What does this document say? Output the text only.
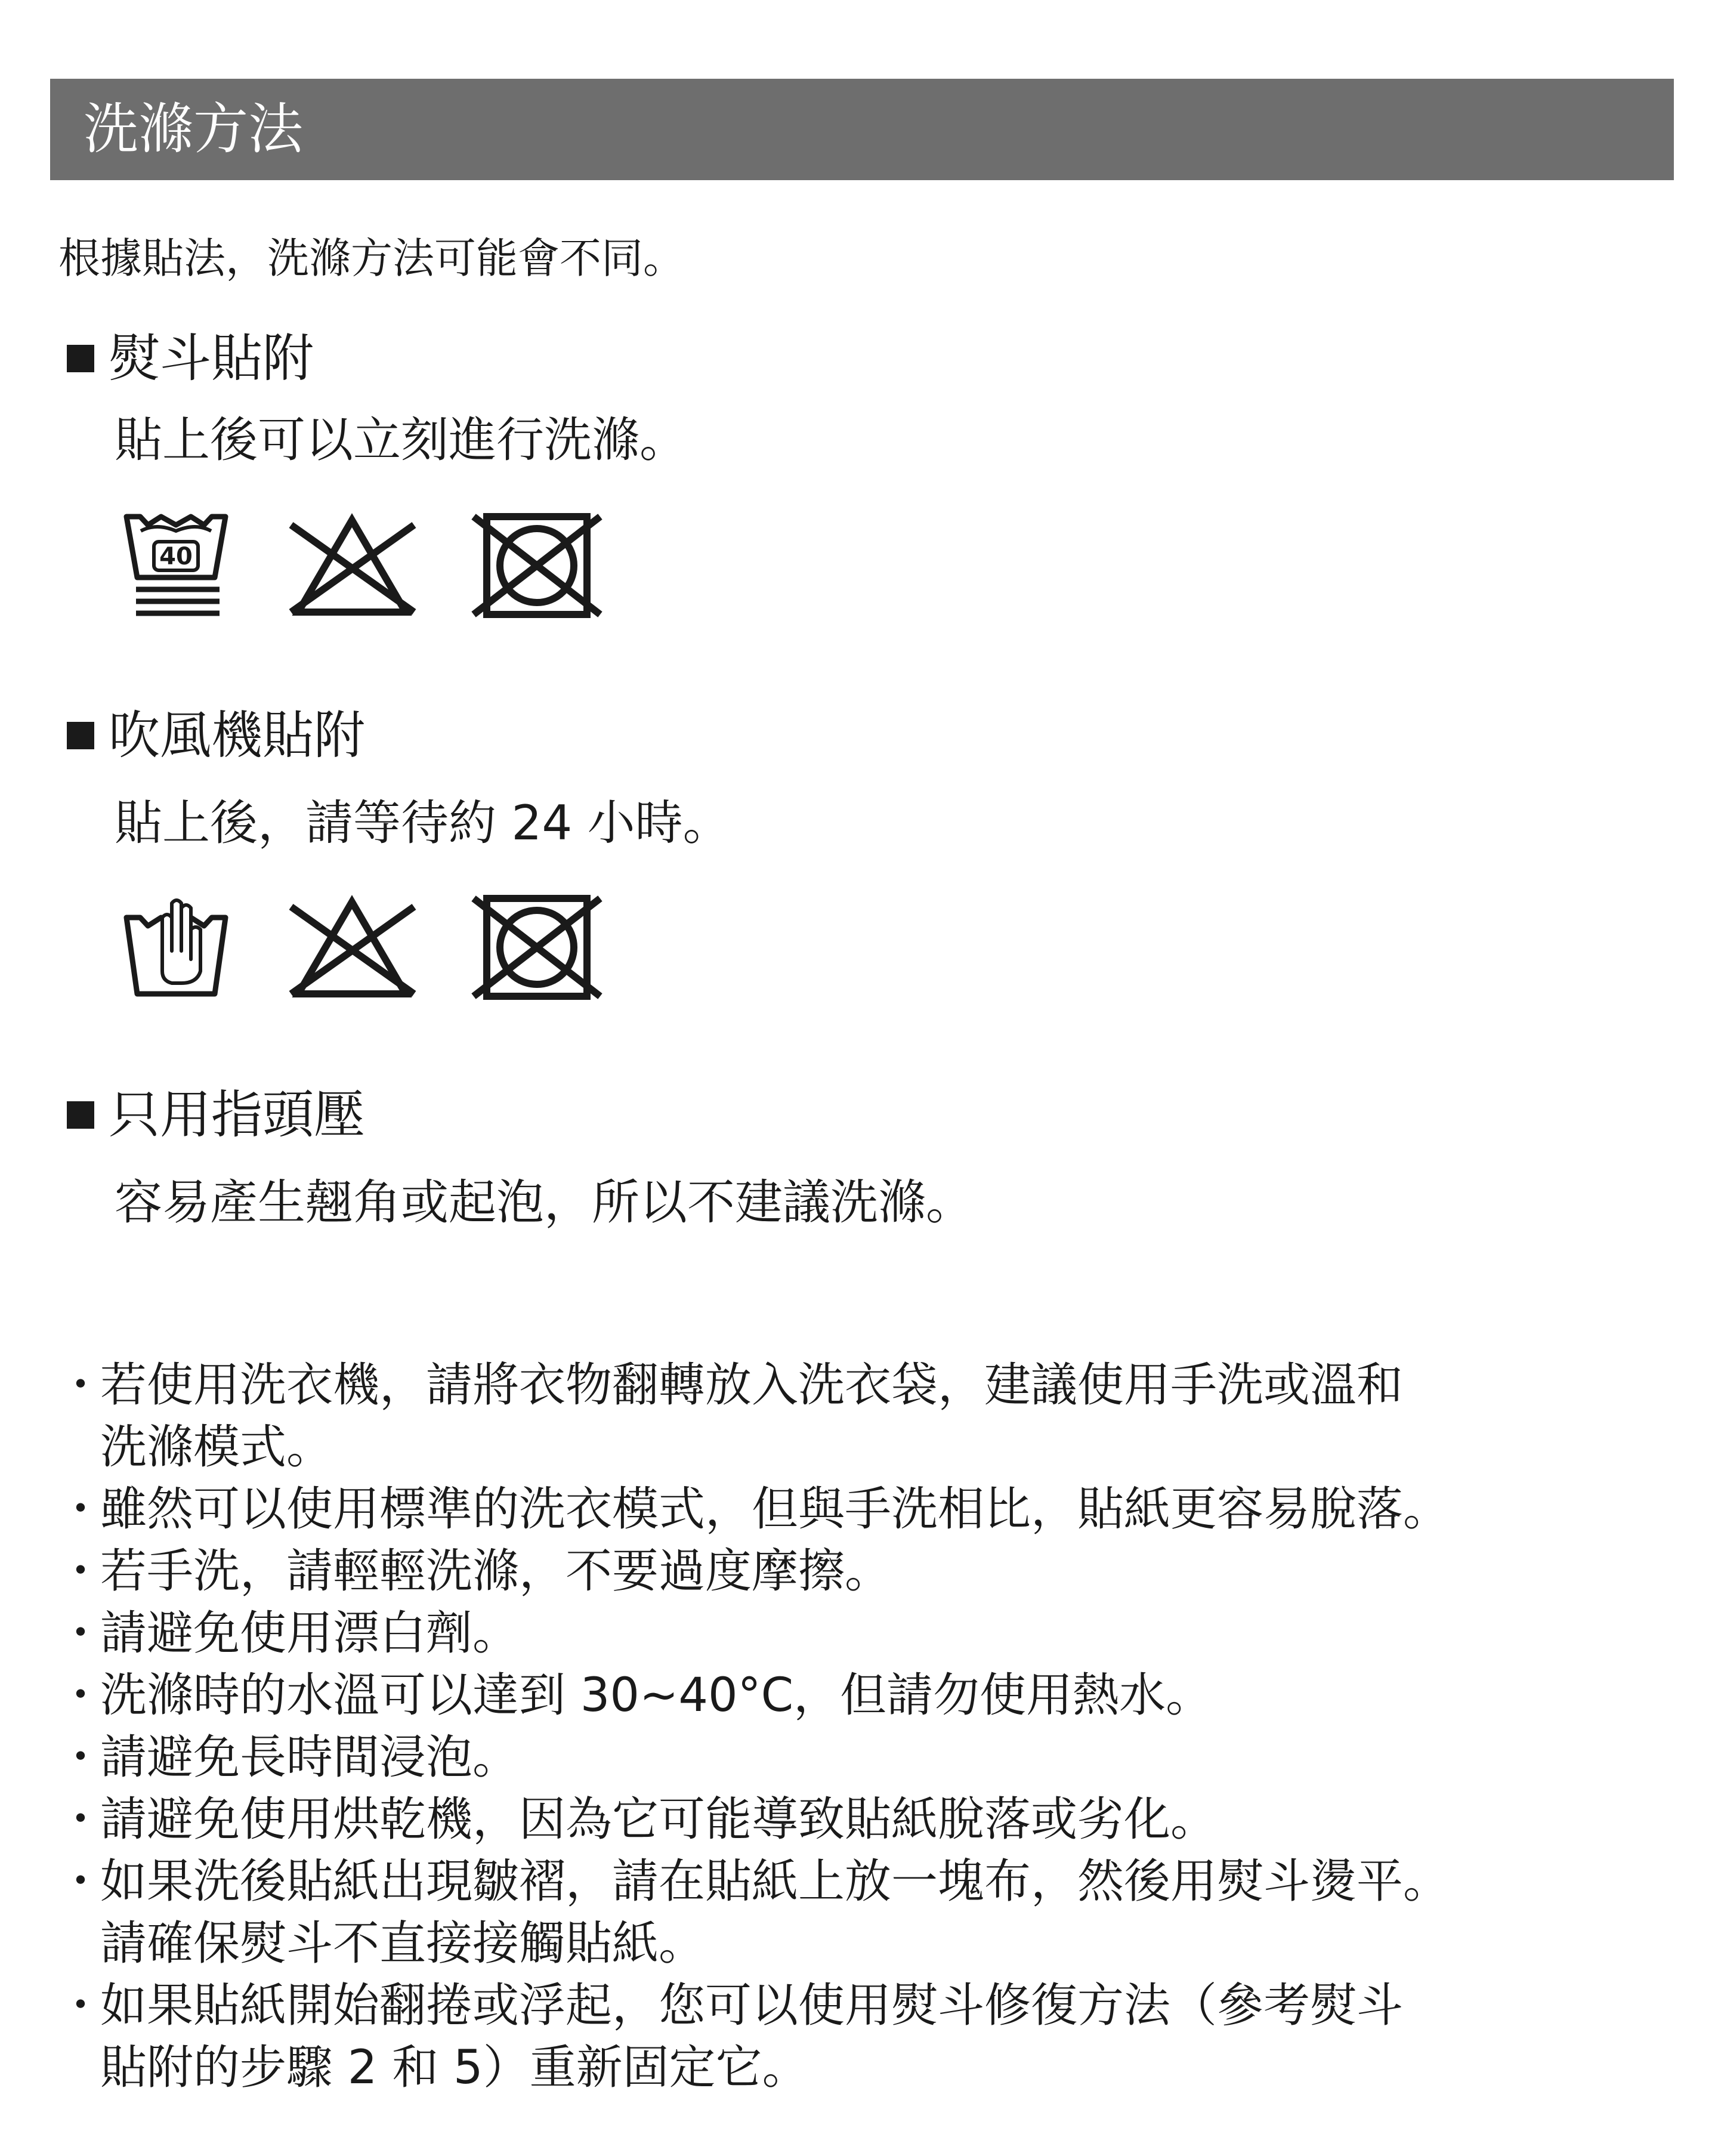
洗滌方法
根據貼法，洗滌方法可能會不同。
熨斗貼附
貼上後可以立刻進行洗滌。
40
吹風機貼附
貼上後，請等待約 24 小時。
只用指頭壓
容易產生翹角或起泡，所以不建議洗滌。
・
若使用洗衣機，請將衣物翻轉放入洗衣袋，建議使用手洗或溫和
洗滌模式。
・
雖然可以使用標準的洗衣模式，但與手洗相比，貼紙更容易脫落。
・
若手洗，請輕輕洗滌，不要過度摩擦。
・
請避免使用漂白劑。
・
洗滌時的水溫可以達到 30~40°C，但請勿使用熱水。
・
請避免長時間浸泡。
・
請避免使用烘乾機，因為它可能導致貼紙脫落或劣化。
・
如果洗後貼紙出現皺褶，請在貼紙上放一塊布，然後用熨斗燙平。
請確保熨斗不直接接觸貼紙。
・
如果貼紙開始翻捲或浮起，您可以使用熨斗修復方法（參考熨斗
貼附的步驟 2 和 5）重新固定它。
